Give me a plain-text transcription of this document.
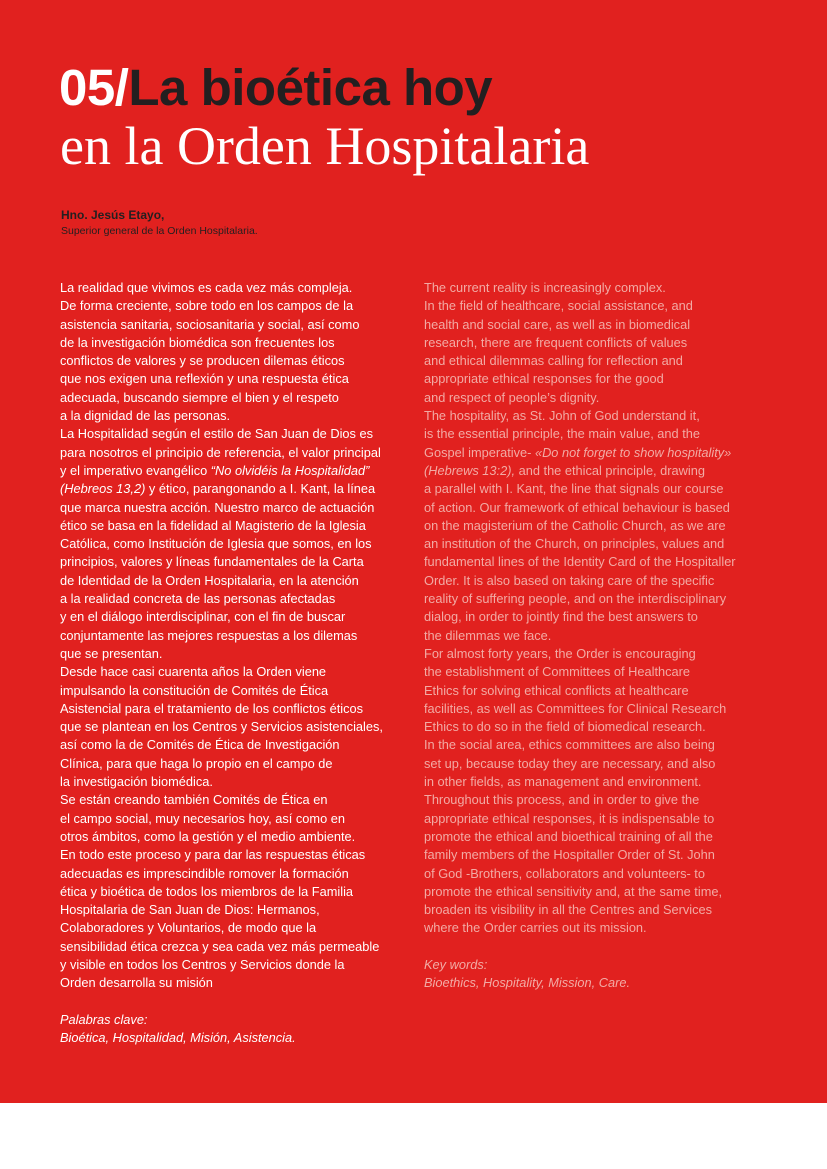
05/La bioética hoy
en la Orden Hospitalaria
Hno. Jesús Etayo,
Superior general de la Orden Hospitalaria.

La realidad que vivimos es cada vez más compleja.
De forma creciente, sobre todo en los campos de la
asistencia sanitaria, sociosanitaria y social, así como
de la investigación biomédica son frecuentes los
conflictos de valores y se producen dilemas éticos
que nos exigen una reflexión y una respuesta ética
adecuada, buscando siempre el bien y el respeto
a la dignidad de las personas.

La Hospitalidad según el estilo de San Juan de Dios es
para nosotros el principio de referencia, el valor principal
y el imperativo evangélico “No olvidéis la Hospitalidad”
(Hebreos 13,2) y ético, parangonando a I. Kant, la línea
que marca nuestra acción. Nuestro marco de actuación
ético se basa en la fidelidad al Magisterio de la Iglesia
Católica, como Institución de Iglesia que somos, en los
principios, valores y líneas fundamentales de la Carta
de Identidad de la Orden Hospitalaria, en la atención
a la realidad concreta de las personas afectadas
y en el diálogo interdisciplinar, con el fin de buscar
conjuntamente las mejores respuestas a los dilemas
que se presentan.

Desde hace casi cuarenta años la Orden viene
impulsando la constitución de Comités de Ética
Asistencial para el tratamiento de los conflictos éticos
que se plantean en los Centros y Servicios asistenciales,
así como la de Comités de Ética de Investigación
Clínica, para que haga lo propio en el campo de
la investigación biomédica.

Se están creando también Comités de Ética en
el campo social, muy necesarios hoy, así como en
otros ámbitos, como la gestión y el medio ambiente.

En todo este proceso y para dar las respuestas éticas
adecuadas es imprescindible romover la formación
ética y bioética de todos los miembros de la Familia
Hospitalaria de San Juan de Dios: Hermanos,
Colaboradores y Voluntarios, de modo que la
sensibilidad ética crezca y sea cada vez más permeable
y visible en todos los Centros y Servicios donde la
Orden desarrolla su misión

Palabras clave:
Bioética, Hospitalidad, Misión, Asistencia.

The current reality is increasingly complex.
In the field of healthcare, social assistance, and
health and social care, as well as in biomedical
research, there are frequent conflicts of values
and ethical dilemmas calling for reflection and
appropriate ethical responses for the good
and respect of people’s dignity.

The hospitality, as St. John of God understand it,
is the essential principle, the main value, and the
Gospel imperative- «Do not forget to show hospitality»
(Hebrews 13:2), and the ethical principle, drawing
a parallel with I. Kant, the line that signals our course
of action. Our framework of ethical behaviour is based
on the magisterium of the Catholic Church, as we are
an institution of the Church, on principles, values and
fundamental lines of the Identity Card of the Hospitaller
Order. It is also based on taking care of the specific
reality of suffering people, and on the interdisciplinary
dialog, in order to jointly find the best answers to
the dilemmas we face.

For almost forty years, the Order is encouraging
the establishment of Committees of Healthcare
Ethics for solving ethical conflicts at healthcare
facilities, as well as Committees for Clinical Research
Ethics to do so in the field of biomedical research.

In the social area, ethics committees are also being
set up, because today they are necessary, and also
in other fields, as management and environment.

Throughout this process, and in order to give the
appropriate ethical responses, it is indispensable to
promote the ethical and bioethical training of all the
family members of the Hospitaller Order of St. John
of God -Brothers, collaborators and volunteers- to
promote the ethical sensitivity and, at the same time,
broaden its visibility in all the Centres and Services
where the Order carries out its mission.

Key words:
Bioethics, Hospitality, Mission, Care.
